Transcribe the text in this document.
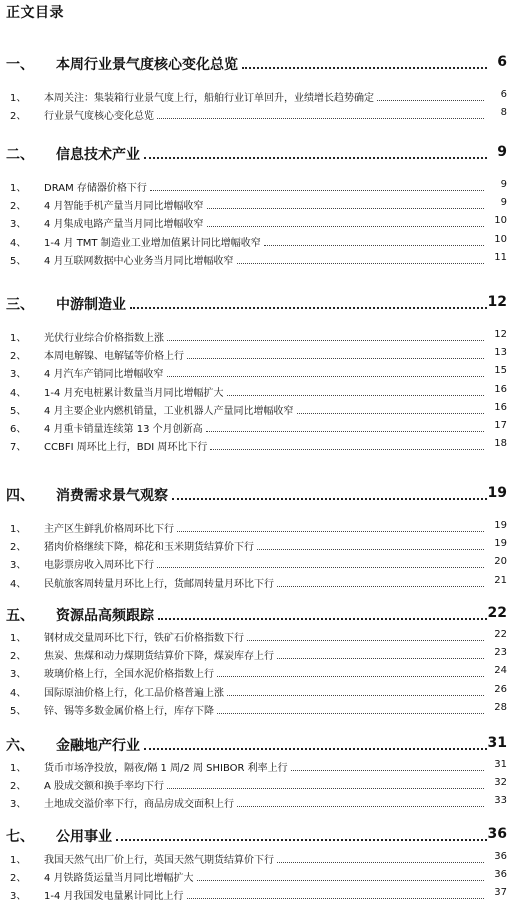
正文目录
一、 本周行业景气度核心变化总览	6
1、 本周关注：集装箱行业景气度上行，船舶行业订单回升，业绩增长趋势确定	6
2、 行业景气度核心变化总览	8
二、 信息技术产业	9
1、 DRAM 存储器价格下行	9
2、 4 月智能手机产量当月同比增幅收窄	9
3、 4 月集成电路产量当月同比增幅收窄	10
4、 1-4 月 TMT 制造业工业增加值累计同比增幅收窄	10
5、 4 月互联网数据中心业务当月同比增幅收窄	11
三、 中游制造业	12
1、 光伏行业综合价格指数上涨	12
2、 本周电解镍、电解锰等价格上行	13
3、 4 月汽车产销同比增幅收窄	15
4、 1-4 月充电桩累计数量当月同比增幅扩大	16
5、 4 月主要企业内燃机销量，工业机器人产量同比增幅收窄	16
6、 4 月重卡销量连续第 13 个月创新高	17
7、 CCBFI 周环比上行，BDI 周环比下行	18
四、 消费需求景气观察	19
1、 主产区生鲜乳价格周环比下行	19
2、 猪肉价格继续下降，棉花和玉米期货结算价下行	19
3、 电影票房收入周环比下行	20
4、 民航旅客周转量月环比上行，货邮周转量月环比下行	21
五、 资源品高频跟踪	22
1、 钢材成交量周环比下行，铁矿石价格指数下行	22
2、 焦炭、焦煤和动力煤期货结算价下降，煤炭库存上行	23
3、 玻璃价格上行，全国水泥价格指数上行	24
4、 国际原油价格上行，化工品价格普遍上涨	26
5、 锌、锡等多数金属价格上行，库存下降	28
六、 金融地产行业	31
1、 货币市场净投放，隔夜/隔 1 周/2 周 SHIBOR 利率上行	31
2、 A 股成交额和换手率均下行	32
3、 土地成交溢价率下行，商品房成交面积上行	33
七、 公用事业	36
1、 我国天然气出厂价上行，英国天然气期货结算价下行	36
2、 4 月铁路货运量当月同比增幅扩大	36
3、 1-4 月我国发电量累计同比上行	37
